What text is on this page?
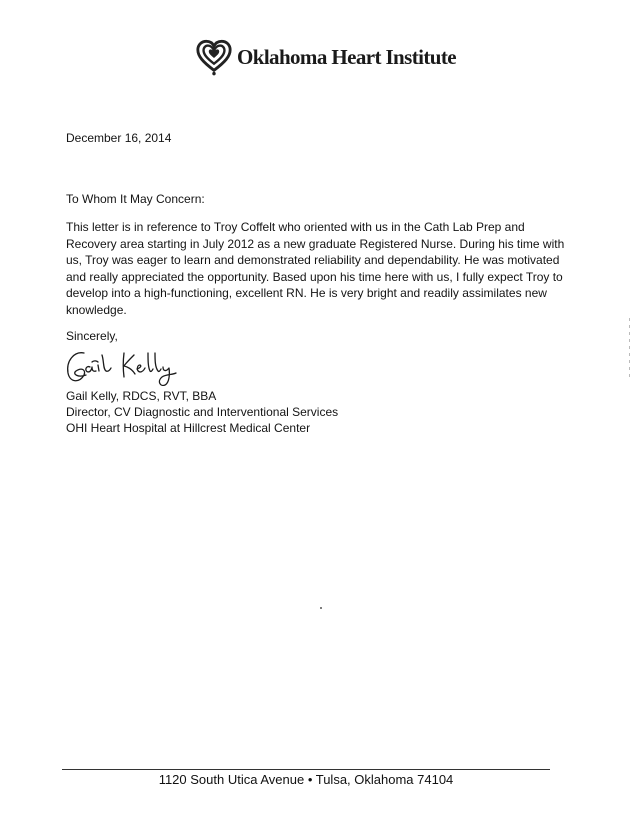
Oklahoma Heart Institute
December 16, 2014
To Whom It May Concern:
This letter is in reference to Troy Coffelt who oriented with us in the Cath Lab Prep and Recovery area starting in July 2012 as a new graduate Registered Nurse. During his time with us, Troy was eager to learn and demonstrated reliability and dependability. He was motivated and really appreciated the opportunity. Based upon his time here with us, I fully expect Troy to develop into a high-functioning, excellent RN. He is very bright and readily assimilates new knowledge.
Sincerely,
Gail Kelly, RDCS, RVT, BBA
Director, CV Diagnostic and Interventional Services
OHI Heart Hospital at Hillcrest Medical Center
1120 South Utica Avenue • Tulsa, Oklahoma 74104
